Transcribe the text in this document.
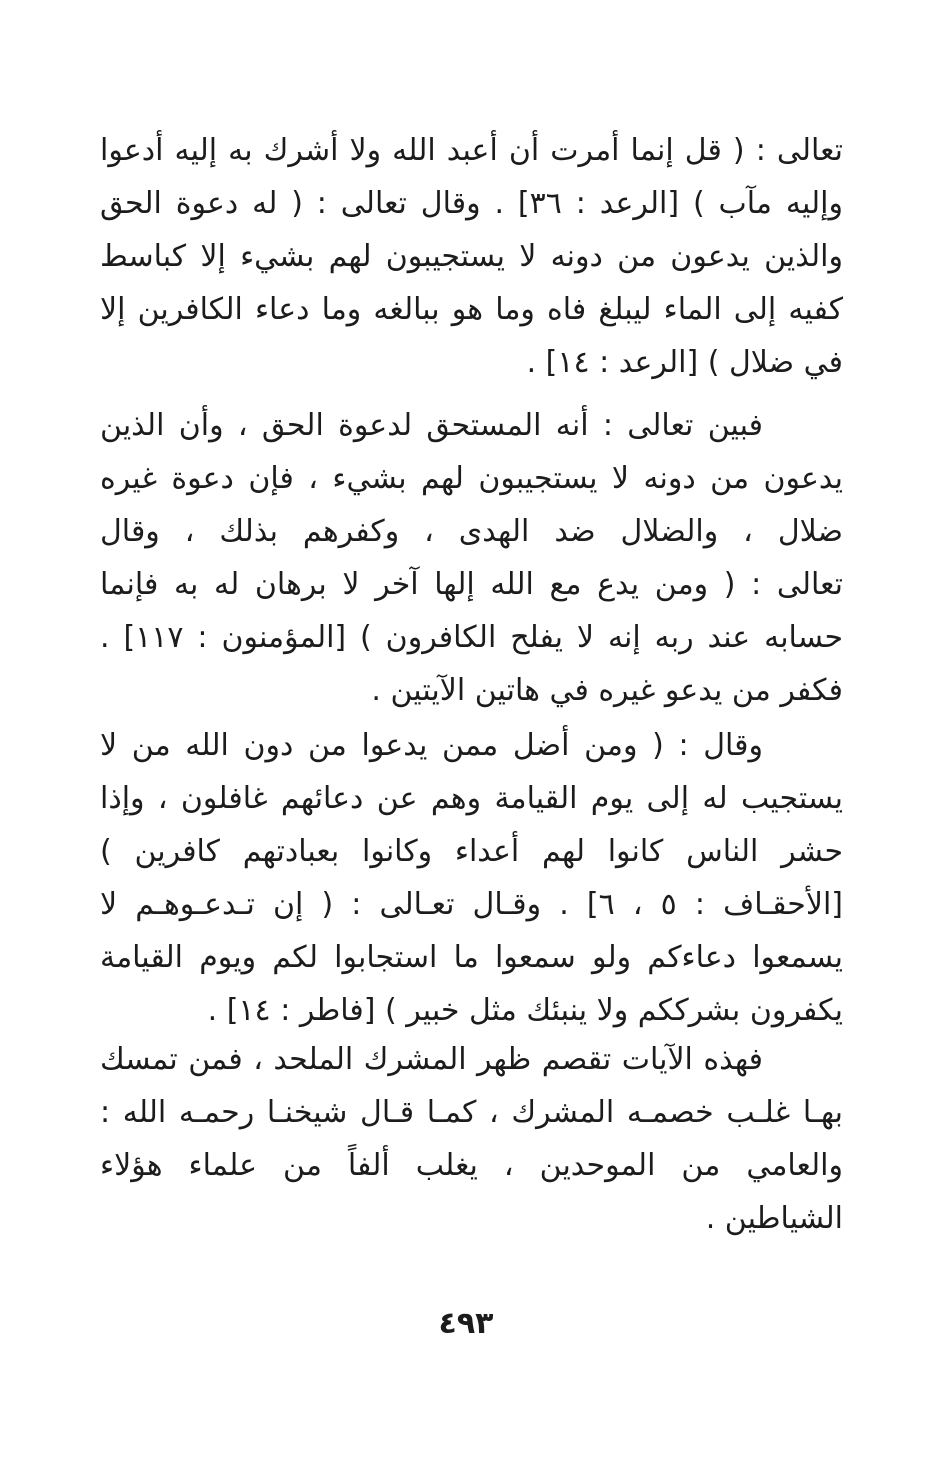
تعالى : ( قل إنما أمرت أن أعبد الله ولا أشرك به إليه أدعوا
وإليه مآب ) [الرعد : ٣٦] . وقال تعالى : ( له دعوة الحق
والذين يدعون من دونه لا يستجيبون لهم بشيء إلا كباسط
كفيه إلى الماء ليبلغ فاه وما هو ببالغه وما دعاء الكافرين إلا
في ضلال ) [الرعد : ١٤] .
فبين تعالى : أنه المستحق لدعوة الحق ، وأن الذين
يدعون من دونه لا يستجيبون لهم بشيء ، فإن دعوة غيره
ضلال ، والضلال ضد الهدى ، وكفرهم بذلك ، وقال
تعالى : ( ومن يدع مع الله إلها آخر لا برهان له به فإنما
حسابه عند ربه إنه لا يفلح الكافرون ) [المؤمنون : ١١٧] .
فكفر من يدعو غيره في هاتين الآيتين .
وقال : ( ومن أضل ممن يدعوا من دون الله من لا
يستجيب له إلى يوم القيامة وهم عن دعائهم غافلون ، وإذا
حشر الناس كانوا لهم أعداء وكانوا بعبادتهم كافرين )
[الأحقـاف : ٥ ، ٦] . وقـال تعـالى : ( إن تـدعـوهـم لا
يسمعوا دعاءكم ولو سمعوا ما استجابوا لكم ويوم القيامة
يكفرون بشرككم ولا ينبئك مثل خبير ) [فاطر : ١٤] .
فهذه الآيات تقصم ظهر المشرك الملحد ، فمن تمسك
بهـا غلـب خصمـه المشرك ، كمـا قـال شيخنـا رحمـه الله :
والعامي من الموحدين ، يغلب ألفاً من علماء هؤلاء
الشياطين .
٤٩٣
